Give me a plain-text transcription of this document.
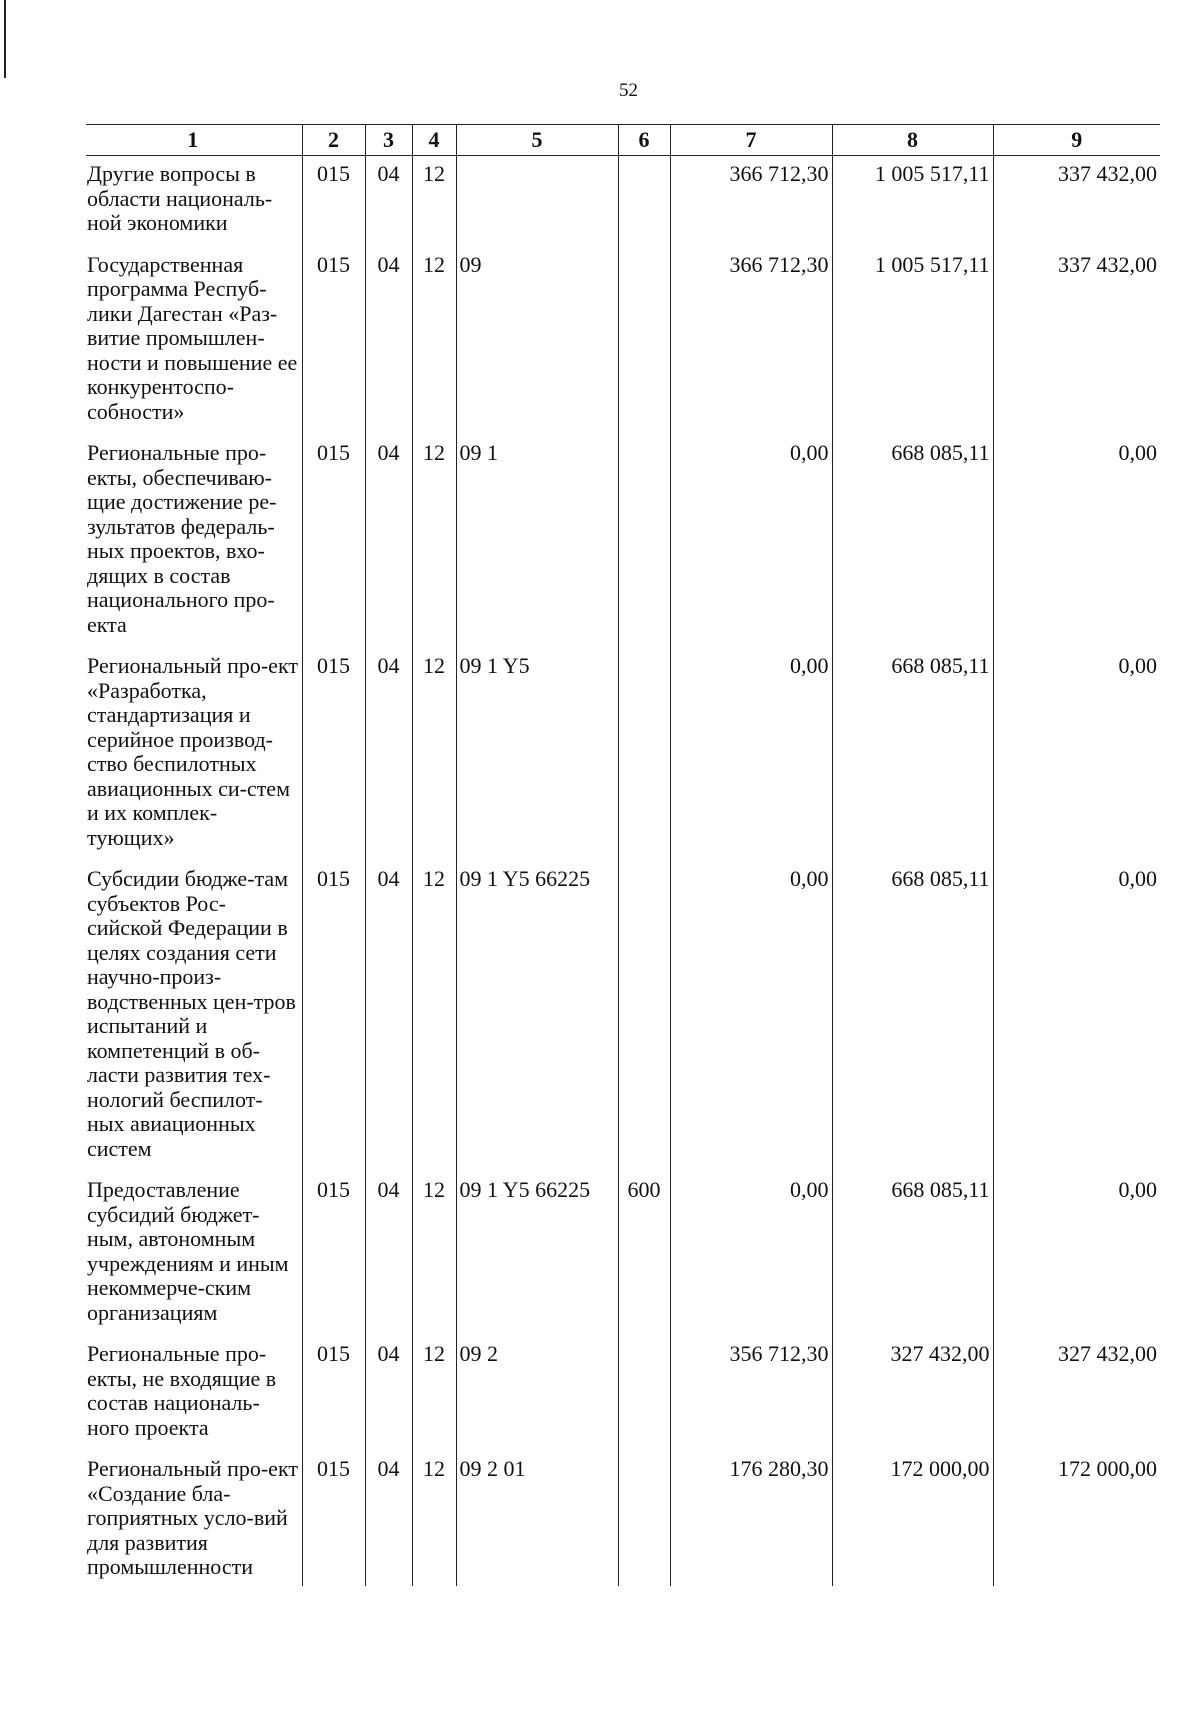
52
1	2	3	4	5	6	7	8	9
Другие вопросы в области националь-ной экономики	015	04	12			366 712,30	1 005 517,11	337 432,00
Государственная программа Респуб-лики Дагестан «Раз-витие промышлен-ности и повышение ее конкурентоспо-собности»	015	04	12	09		366 712,30	1 005 517,11	337 432,00
Региональные про-екты, обеспечиваю-щие достижение ре-зультатов федераль-ных проектов, вхо-дящих в состав национального про-екта	015	04	12	09 1		0,00	668 085,11	0,00
Региональный про-ект «Разработка, стандартизация и серийное производ-ство беспилотных авиационных си-стем и их комплек-тующих»	015	04	12	09 1 Y5		0,00	668 085,11	0,00
Субсидии бюдже-там субъектов Рос-сийской Федерации в целях создания сети научно-произ-водственных цен-тров испытаний и компетенций в об-ласти развития тех-нологий беспилот-ных авиационных систем	015	04	12	09 1 Y5 66225		0,00	668 085,11	0,00
Предоставление субсидий бюджет-ным, автономным учреждениям и иным некоммерче-ским организациям	015	04	12	09 1 Y5 66225	600	0,00	668 085,11	0,00
Региональные про-екты, не входящие в состав националь-ного проекта	015	04	12	09 2		356 712,30	327 432,00	327 432,00
Региональный про-ект «Создание бла-гоприятных усло-вий для развития промышленности	015	04	12	09 2 01		176 280,30	172 000,00	172 000,00
